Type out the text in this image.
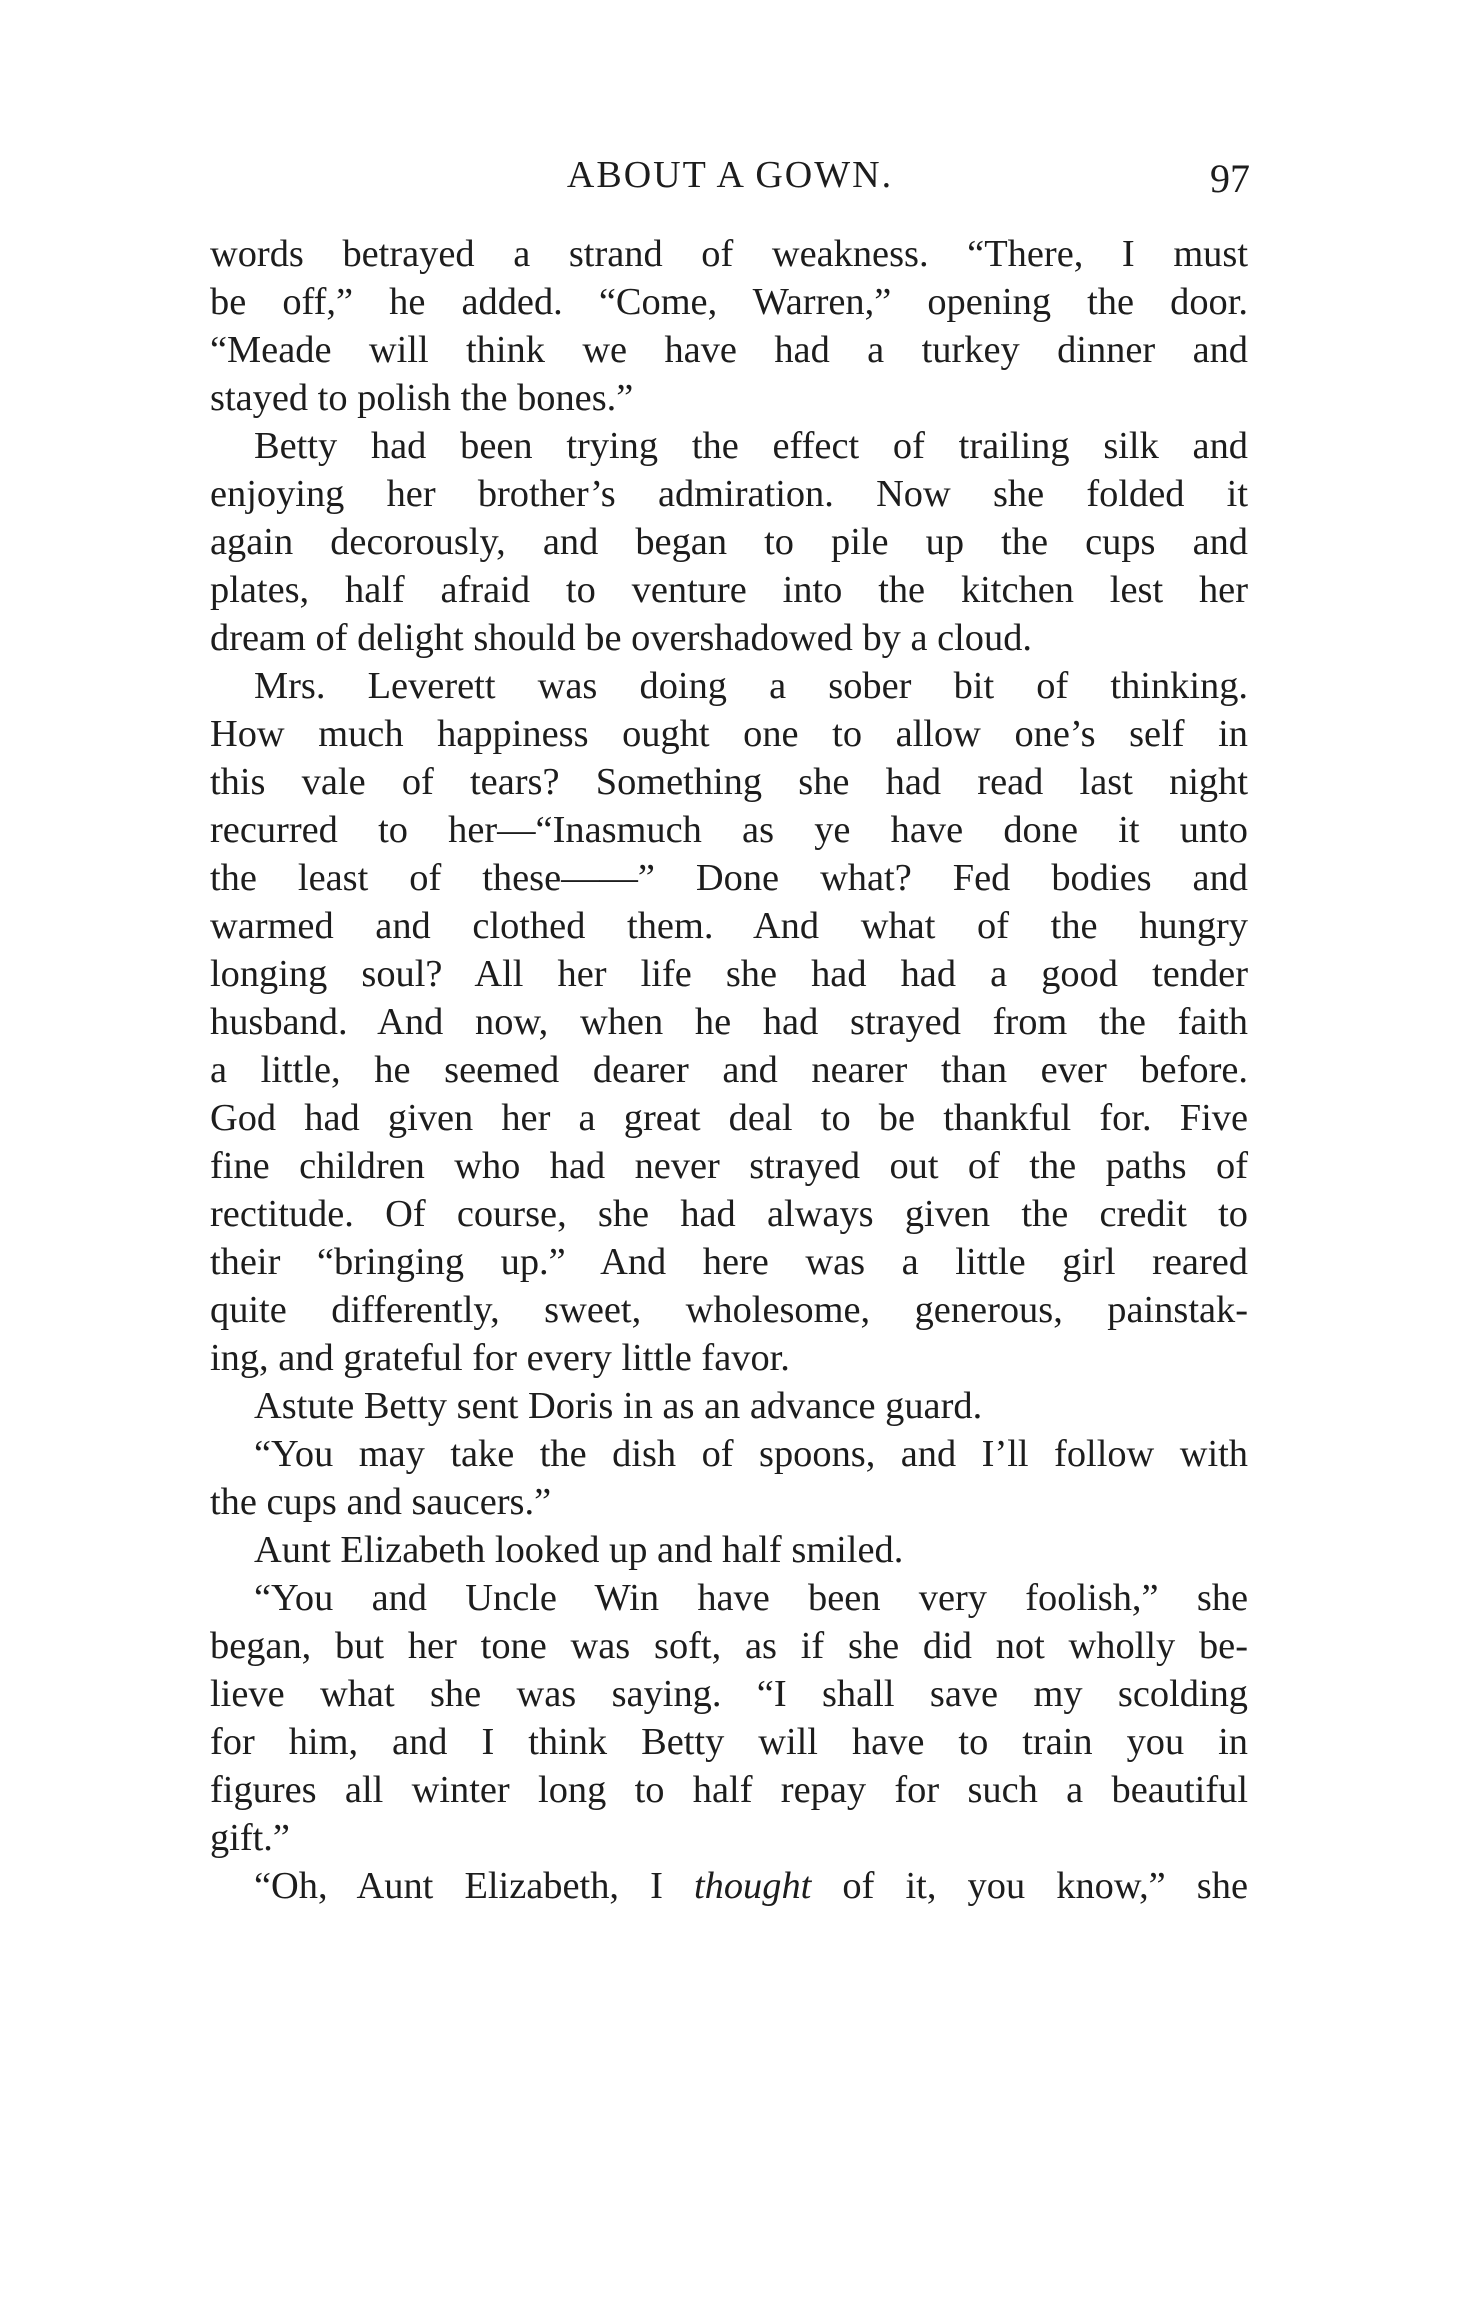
ABOUT A GOWN.	97
words betrayed a strand of weakness. “There, I must
be off,” he added. “Come, Warren,” opening the door.
“Meade will think we have had a turkey dinner and
stayed to polish the bones.”
Betty had been trying the effect of trailing silk and
enjoying her brother’s admiration. Now she folded it
again decorously, and began to pile up the cups and
plates, half afraid to venture into the kitchen lest her
dream of delight should be overshadowed by a cloud.
Mrs. Leverett was doing a sober bit of thinking.
How much happiness ought one to allow one’s self in
this vale of tears? Something she had read last night
recurred to her—“Inasmuch as ye have done it unto
the least of these——” Done what? Fed bodies and
warmed and clothed them. And what of the hungry
longing soul? All her life she had had a good tender
husband. And now, when he had strayed from the faith
a little, he seemed dearer and nearer than ever before.
God had given her a great deal to be thankful for. Five
fine children who had never strayed out of the paths of
rectitude. Of course, she had always given the credit to
their “bringing up.” And here was a little girl reared
quite differently, sweet, wholesome, generous, painstak-
ing, and grateful for every little favor.
Astute Betty sent Doris in as an advance guard.
“You may take the dish of spoons, and I’ll follow with
the cups and saucers.”
Aunt Elizabeth looked up and half smiled.
“You and Uncle Win have been very foolish,” she
began, but her tone was soft, as if she did not wholly be-
lieve what she was saying. “I shall save my scolding
for him, and I think Betty will have to train you in
figures all winter long to half repay for such a beautiful
gift.”
“Oh, Aunt Elizabeth, I thought of it, you know,” she
